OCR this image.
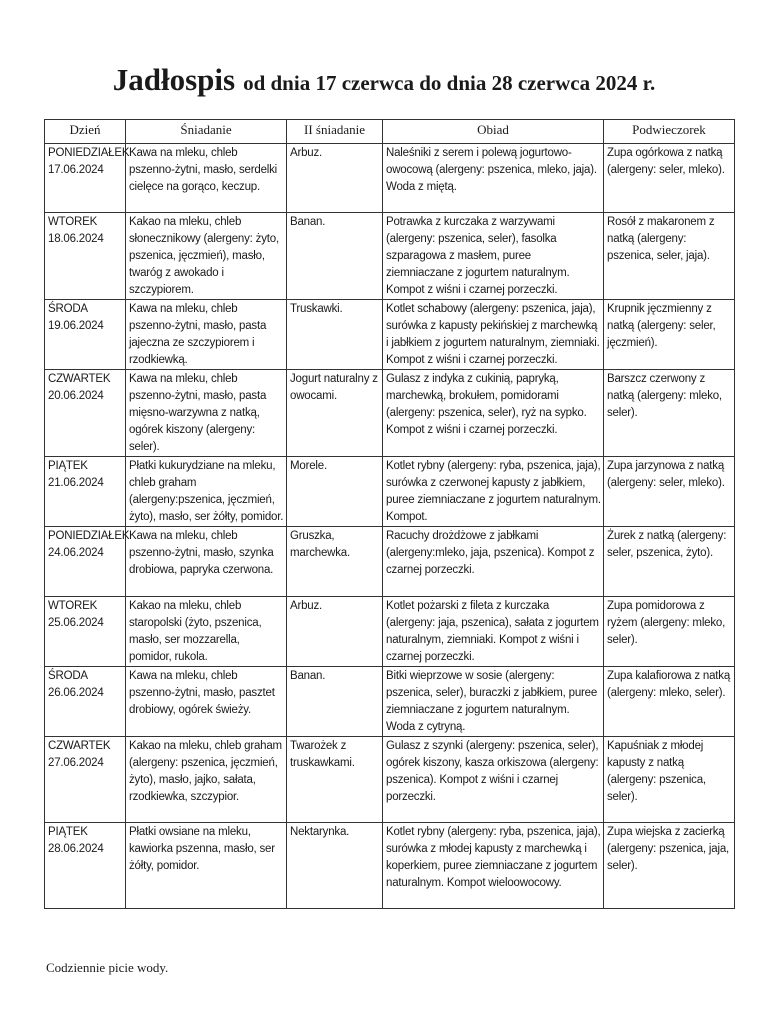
Jadłospis od dnia 17 czerwca do dnia 28 czerwca 2024 r.
Dzień	Śniadanie	II śniadanie	Obiad	Podwieczorek

PONIEDZIAŁEK
17.06.2024	Kawa na mleku, chleb pszenno-żytni, masło, serdelki cielęce na gorąco, keczup.	Arbuz.	Naleśniki z serem i polewą jogurtowo-owocową (alergeny: pszenica, mleko, jaja). Woda z miętą.	Zupa ogórkowa z natką (alergeny: seler, mleko).

WTOREK
18.06.2024	Kakao na mleku, chleb słonecznikowy (alergeny: żyto, pszenica, jęczmień), masło, twaróg z awokado i szczypiorem.	Banan.	Potrawka z kurczaka z warzywami (alergeny: pszenica, seler), fasolka szparagowa z masłem, puree ziemniaczane z jogurtem naturalnym. Kompot z wiśni i czarnej porzeczki.	Rosół z makaronem z natką (alergeny: pszenica, seler, jaja).

ŚRODA
19.06.2024	Kawa na mleku, chleb pszenno-żytni, masło, pasta jajeczna ze szczypiorem i rzodkiewką.	Truskawki.	Kotlet schabowy (alergeny: pszenica, jaja), surówka z kapusty pekińskiej z marchewką i jabłkiem z jogurtem naturalnym, ziemniaki. Kompot z wiśni i czarnej porzeczki.	Krupnik jęczmienny z natką (alergeny: seler, jęczmień).

CZWARTEK
20.06.2024	Kawa na mleku, chleb pszenno-żytni, masło, pasta mięsno-warzywna z natką, ogórek kiszony (alergeny: seler).	Jogurt naturalny z owocami.	Gulasz z indyka z cukinią, papryką, marchewką, brokułem, pomidorami (alergeny: pszenica, seler), ryż na sypko. Kompot z wiśni i czarnej porzeczki.	Barszcz czerwony z natką (alergeny: mleko, seler).

PIĄTEK
21.06.2024	Płatki kukurydziane na mleku, chleb graham (alergeny:pszenica, jęczmień, żyto), masło, ser żółty, pomidor.	Morele.	Kotlet rybny (alergeny: ryba, pszenica, jaja), surówka z czerwonej kapusty z jabłkiem, puree ziemniaczane z jogurtem naturalnym. Kompot.	Zupa jarzynowa z natką (alergeny: seler, mleko).

PONIEDZIAŁEK
24.06.2024	Kawa na mleku, chleb pszenno-żytni, masło, szynka drobiowa, papryka czerwona.	Gruszka, marchewka.	Racuchy drożdżowe z jabłkami (alergeny:mleko, jaja, pszenica). Kompot z czarnej porzeczki.	Żurek z natką (alergeny: seler, pszenica, żyto).

WTOREK
25.06.2024	Kakao na mleku, chleb staropolski (żyto, pszenica, masło, ser mozzarella, pomidor, rukola.	Arbuz.	Kotlet pożarski z fileta z kurczaka (alergeny: jaja, pszenica), sałata z jogurtem naturalnym, ziemniaki. Kompot z wiśni i czarnej porzeczki.	Zupa pomidorowa z ryżem (alergeny: mleko, seler).

ŚRODA
26.06.2024	Kawa na mleku, chleb pszenno-żytni, masło, pasztet drobiowy, ogórek świeży.	Banan.	Bitki wieprzowe w sosie (alergeny: pszenica, seler), buraczki z jabłkiem, puree ziemniaczane z jogurtem naturalnym. Woda z cytryną.	Zupa kalafiorowa z natką (alergeny: mleko, seler).

CZWARTEK
27.06.2024	Kakao na mleku, chleb graham (alergeny: pszenica, jęczmień, żyto), masło, jajko, sałata, rzodkiewka, szczypior.	Twarożek z truskawkami.	Gulasz z szynki (alergeny: pszenica, seler), ogórek kiszony, kasza orkiszowa (alergeny: pszenica). Kompot z wiśni i czarnej porzeczki.	Kapuśniak z młodej kapusty z natką (alergeny: pszenica, seler).

PIĄTEK
28.06.2024	Płatki owsiane na mleku, kawiorka pszenna, masło, ser żółty, pomidor.	Nektarynka.	Kotlet rybny (alergeny: ryba, pszenica, jaja), surówka z młodej kapusty z marchewką i koperkiem, puree ziemniaczane z jogurtem naturalnym. Kompot wieloowocowy.	Zupa wiejska z zacierką (alergeny: pszenica, jaja, seler).
Codziennie picie wody.
